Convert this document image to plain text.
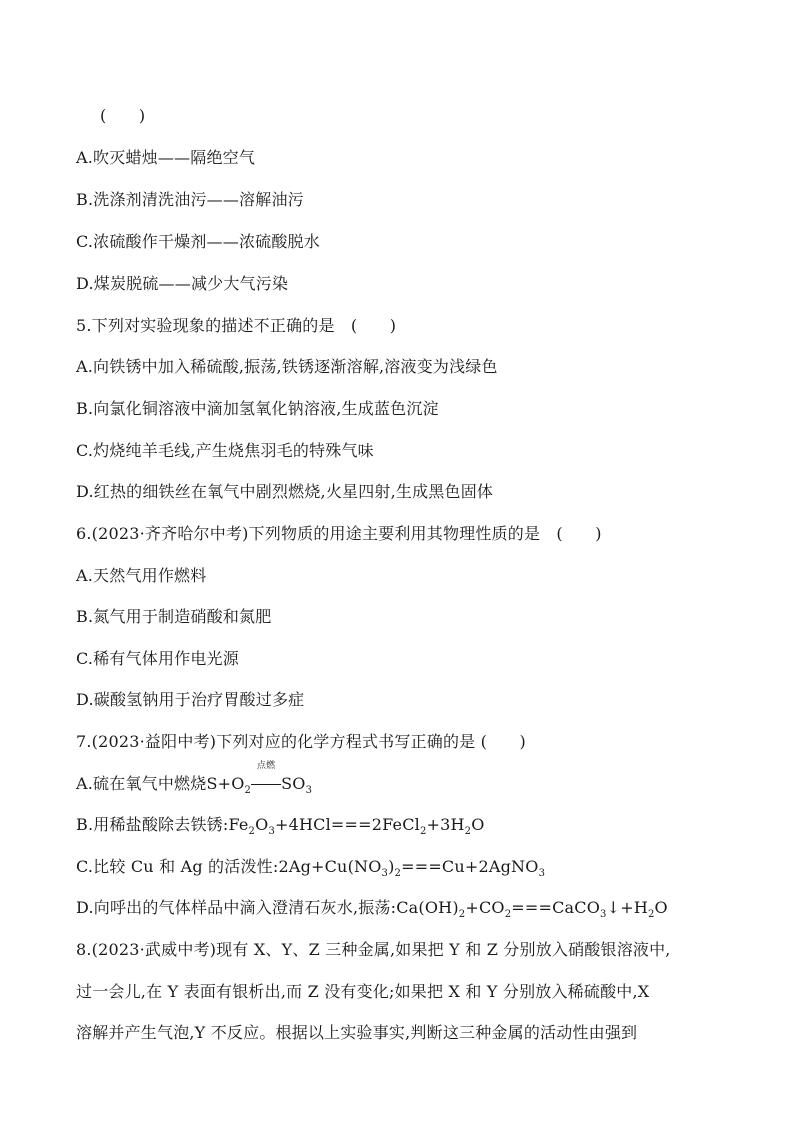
(　　)
A.吹灭蜡烛——隔绝空气
B.洗涤剂清洗油污——溶解油污
C.浓硫酸作干燥剂——浓硫酸脱水
D.煤炭脱硫——减少大气污染
5.下列对实验现象的描述不正确的是　(　　)
A.向铁锈中加入稀硫酸,振荡,铁锈逐渐溶解,溶液变为浅绿色
B.向氯化铜溶液中滴加氢氧化钠溶液,生成蓝色沉淀
C.灼烧纯羊毛线,产生烧焦羽毛的特殊气味
D.红热的细铁丝在氧气中剧烈燃烧,火星四射,生成黑色固体
6.(2023·齐齐哈尔中考)下列物质的用途主要利用其物理性质的是　(　　)
A.天然气用作燃料
B.氮气用于制造硝酸和氮肥
C.稀有气体用作电光源
D.碳酸氢钠用于治疗胃酸过多症
7.(2023·益阳中考)下列对应的化学方程式书写正确的是 (　　)
A.硫在氧气中燃烧$S+O_2$
点燃
$SO_3$
B.用稀盐酸除去铁锈$:Fe_2O_3+4HCl===2FeCl_2+3H_2O$
C.比较 Cu 和 Ag 的活泼性$:2Ag+Cu(NO_3)_2===Cu+2AgNO_3$
D.向呼出的气体样品中滴入澄清石灰水,振荡$:Ca(OH)_2+CO_2===CaCO_3↓+H_2O$
8.(2023·武威中考)现有 X、Y、Z 三种金属,如果把 Y 和 Z 分别放入硝酸银溶液中,
过一会儿,在 Y 表面有银析出,而 Z 没有变化;如果把 X 和 Y 分别放入稀硫酸中,X
溶解并产生气泡,Y 不反应。根据以上实验事实,判断这三种金属的活动性由强到
